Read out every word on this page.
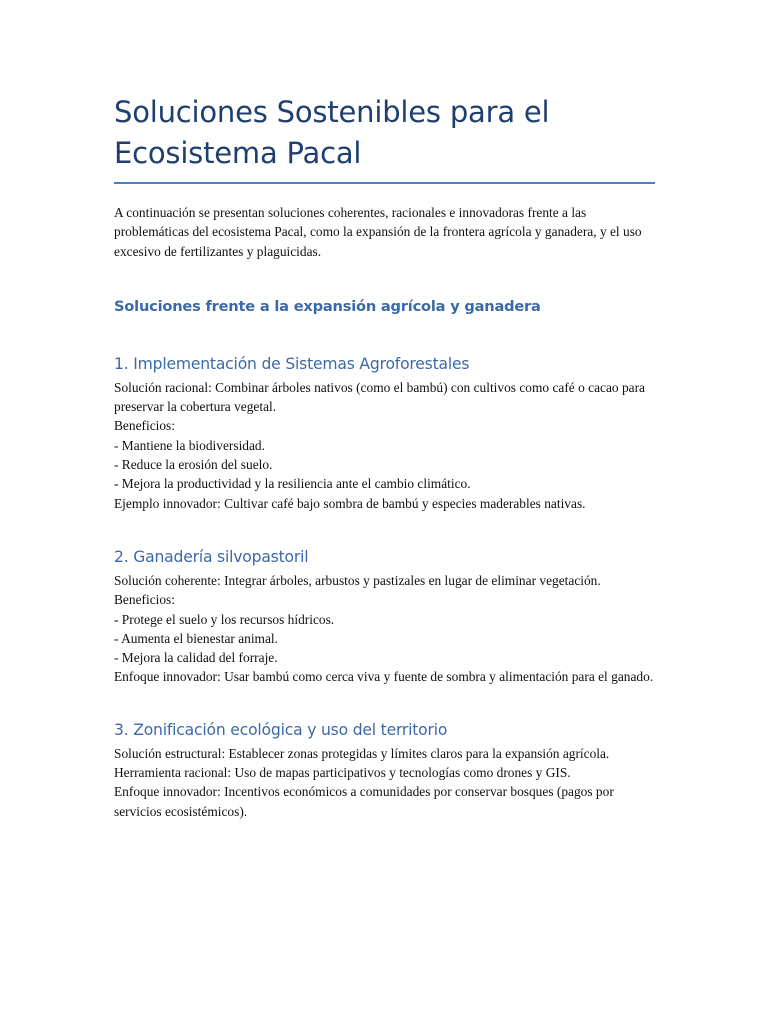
Soluciones Sostenibles para el
Ecosistema Pacal

A continuación se presentan soluciones coherentes, racionales e innovadoras frente a las problemáticas del ecosistema Pacal, como la expansión de la frontera agrícola y ganadera, y el uso excesivo de fertilizantes y plaguicidas.

Soluciones frente a la expansión agrícola y ganadera
1. Implementación de Sistemas Agroforestales

Solución racional: Combinar árboles nativos (como el bambú) con cultivos como café o cacao para preservar la cobertura vegetal.
Beneficios:
- Mantiene la biodiversidad.
- Reduce la erosión del suelo.
- Mejora la productividad y la resiliencia ante el cambio climático.
Ejemplo innovador: Cultivar café bajo sombra de bambú y especies maderables nativas.

2. Ganadería silvopastoril

Solución coherente: Integrar árboles, arbustos y pastizales en lugar de eliminar vegetación.
Beneficios:
- Protege el suelo y los recursos hídricos.
- Aumenta el bienestar animal.
- Mejora la calidad del forraje.
Enfoque innovador: Usar bambú como cerca viva y fuente de sombra y alimentación para el ganado.

3. Zonificación ecológica y uso del territorio

Solución estructural: Establecer zonas protegidas y límites claros para la expansión agrícola.
Herramienta racional: Uso de mapas participativos y tecnologías como drones y GIS.
Enfoque innovador: Incentivos económicos a comunidades por conservar bosques (pagos por servicios ecosistémicos).
